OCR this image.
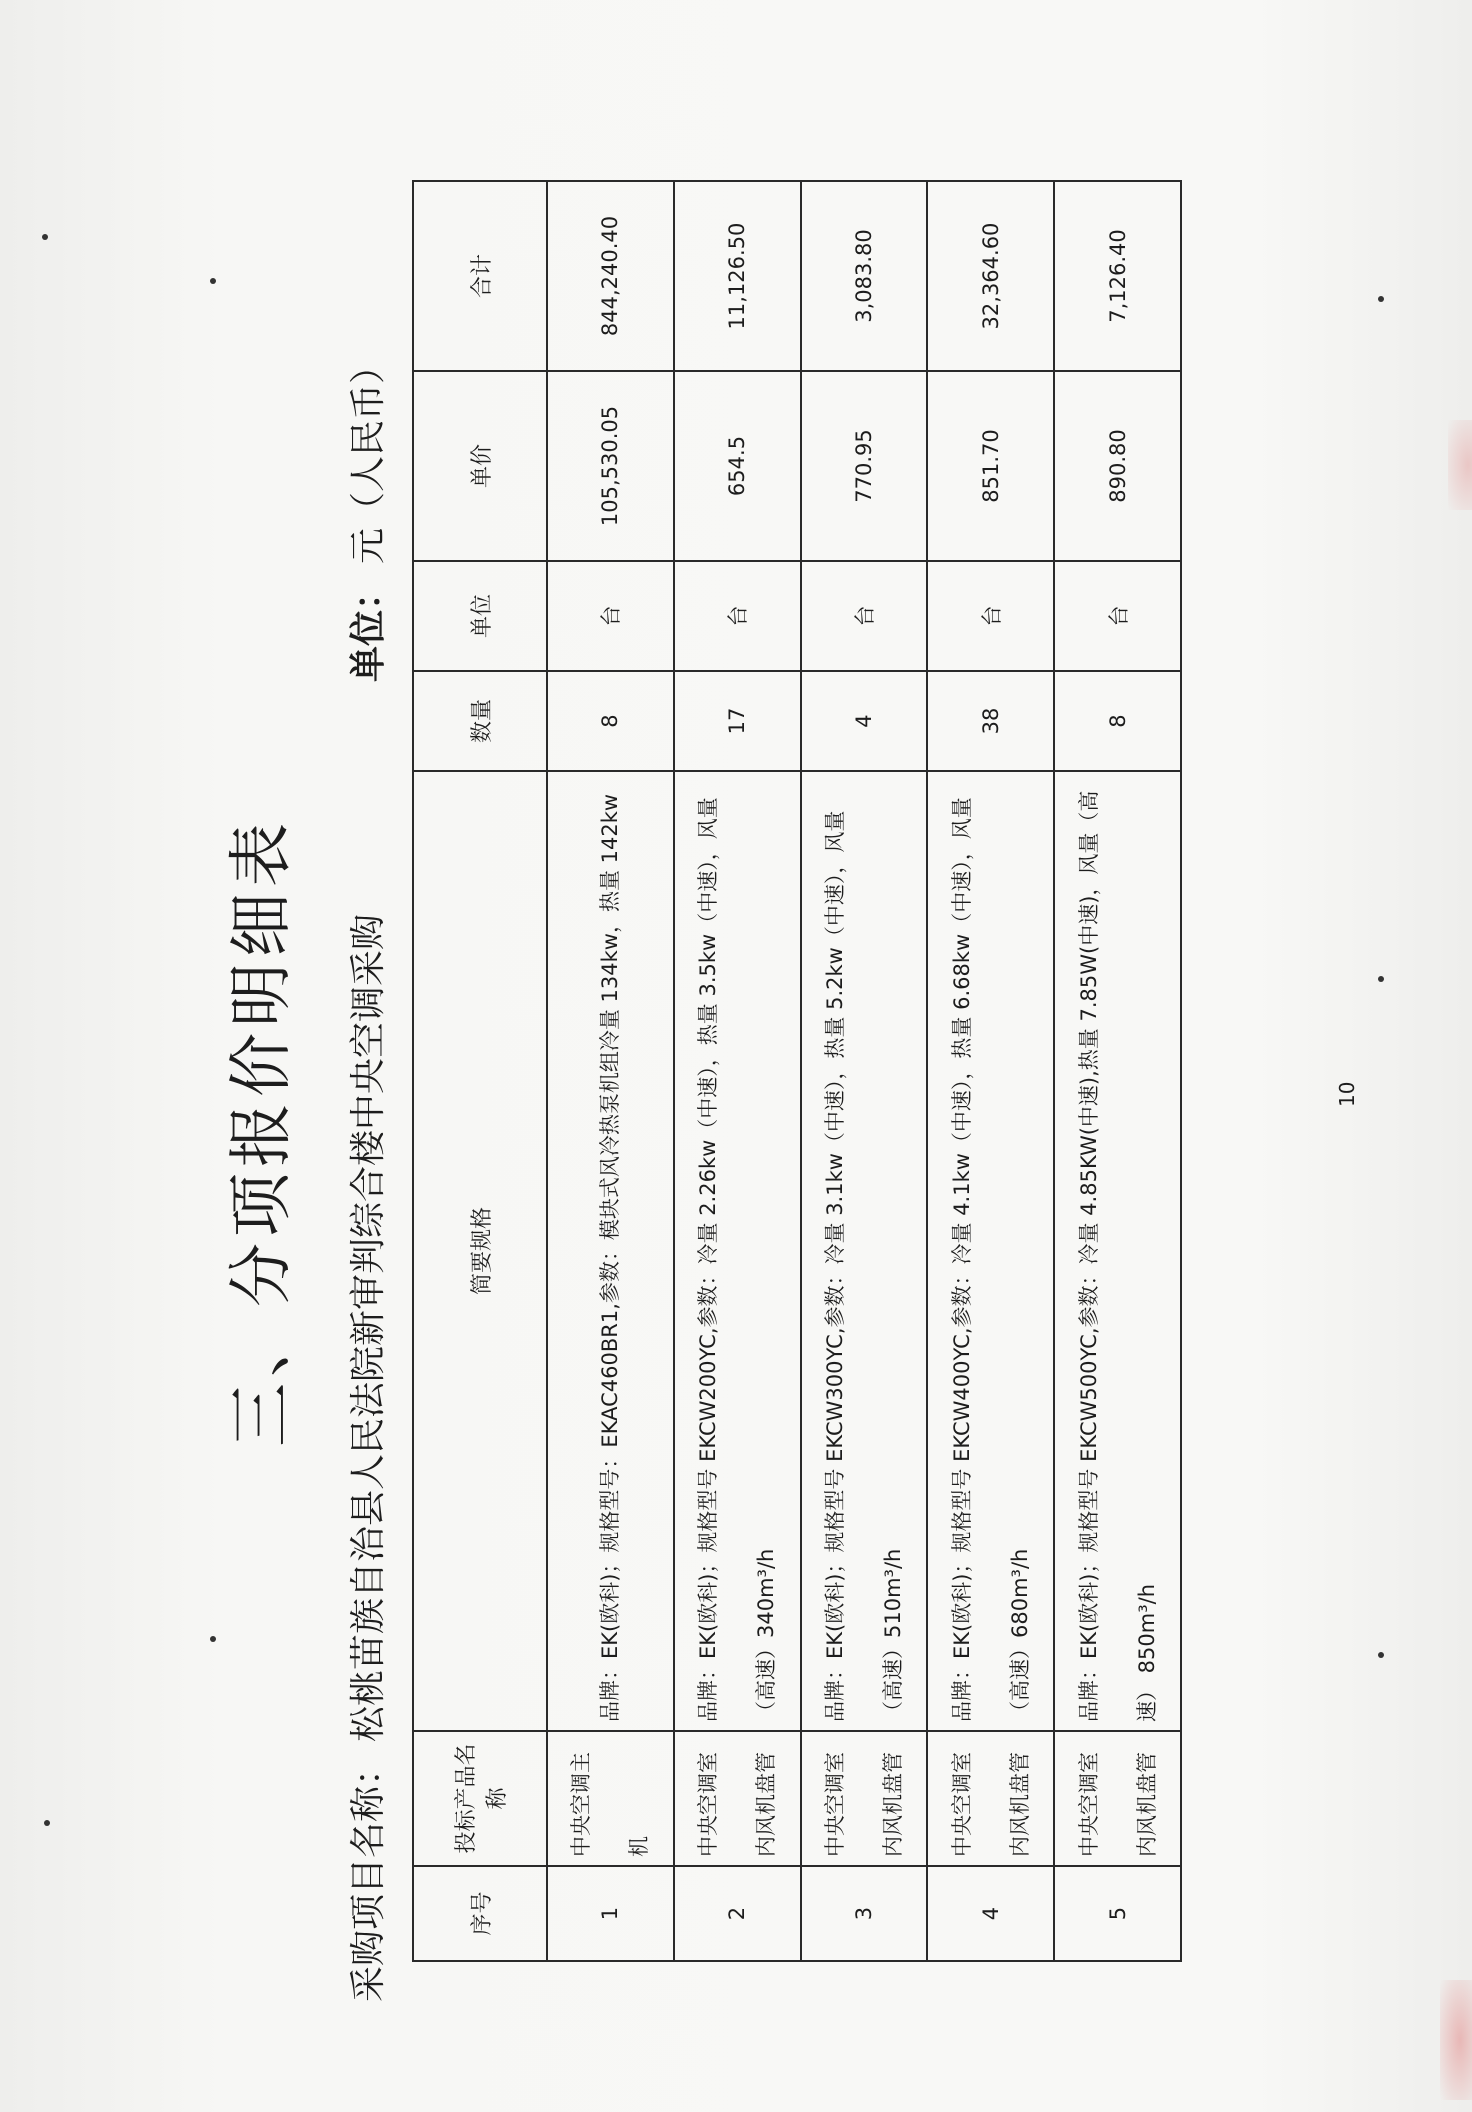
三、分项报价明细表
采购项目名称：松桃苗族自治县人民法院新审判综合楼中央空调采购
单位：元（人民币）
序号	投标产品名称	简要规格	数量	单位	单价	合计
1	中央空调主机	品牌：EK(欧科)；规格型号：EKAC460BR1,参数：模块式风冷热泵机组冷量 134kw，热量 142kw	8	台	105,530.05	844,240.40
2	中央空调室内风机盘管	品牌：EK(欧科)；规格型号 EKCW200YC,参数：冷量 2.26kw（中速），热量 3.5kw（中速），风量（高速）340m³/h	17	台	654.5	11,126.50
3	中央空调室内风机盘管	品牌：EK(欧科)；规格型号 EKCW300YC,参数：冷量 3.1kw（中速），热量 5.2kw（中速），风量（高速）510m³/h	4	台	770.95	3,083.80
4	中央空调室内风机盘管	品牌：EK(欧科)；规格型号 EKCW400YC,参数：冷量 4.1kw（中速），热量 6.68kw（中速），风量（高速）680m³/h	38	台	851.70	32,364.60
5	中央空调室内风机盘管	品牌：EK(欧科)；规格型号 EKCW500YC,参数：冷量 4.85KW(中速),热量 7.85W(中速)，风量（高速） 850m³/h	8	台	890.80	7,126.40
10
